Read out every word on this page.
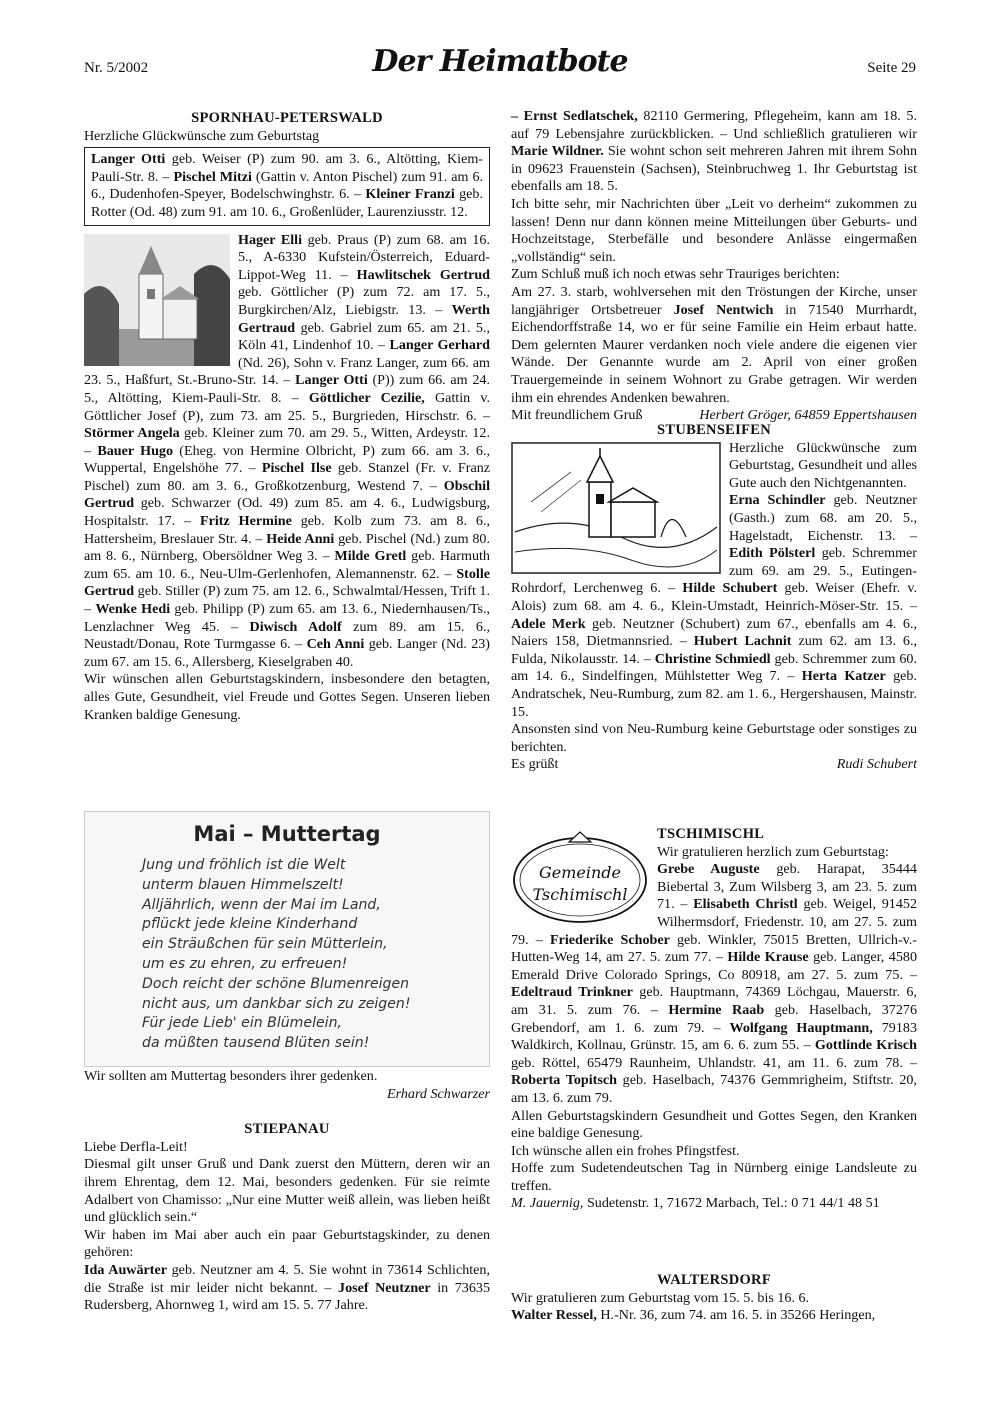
Nr. 5/2002	Der Heimatbote	Seite 29
SPORNHAU-PETERSWALD

Herzliche Glückwünsche zum Geburtstag

Langer Otti geb. Weiser (P) zum 90. am 3. 6., Altötting, Kiem-Pauli-Str. 8. – Pischel Mitzi (Gattin v. Anton Pischel) zum 91. am 6. 6., Dudenhofen-Speyer, Bodelschwinghstr. 6. – Kleiner Franzi geb. Rotter (Od. 48) zum 91. am 10. 6., Großenlüder, Laurenziusstr. 12.
Hager Elli geb. Praus (P) zum 68. am 16. 5., A-6330 Kufstein/Österreich, Eduard-Lippot-Weg 11. – Hawlitschek Gertrud geb. Göttlicher (P) zum 72. am 17. 5., Burgkirchen/Alz, Liebigstr. 13. – Werth Gertraud geb. Gabriel zum 65. am 21. 5., Köln 41, Lindenhof 10. – Langer Gerhard (Nd. 26), Sohn v. Franz Langer, zum 66. am 23. 5., Haßfurt, St.-Bruno-Str. 14. – Langer Otti (P)) zum 66. am 24. 5., Altötting, Kiem-Pauli-Str. 8. – Göttlicher Cezilie, Gattin v. Göttlicher Josef (P), zum 73. am 25. 5., Burgrieden, Hirschstr. 6. – Störmer Angela geb. Kleiner zum 70. am 29. 5., Witten, Ardeystr. 12. – Bauer Hugo (Eheg. von Hermine Olbricht, P) zum 66. am 3. 6., Wuppertal, Engelshöhe 77. – Pischel Ilse geb. Stanzel (Fr. v. Franz Pischel) zum 80. am 3. 6., Großkotzenburg, Westend 7. – Obschil Gertrud geb. Schwarzer (Od. 49) zum 85. am 4. 6., Ludwigsburg, Hospitalstr. 17. – Fritz Hermine geb. Kolb zum 73. am 8. 6., Hattersheim, Breslauer Str. 4. – Heide Anni geb. Pischel (Nd.) zum 80. am 8. 6., Nürnberg, Obersöldner Weg 3. – Milde Gretl geb. Harmuth zum 65. am 10. 6., Neu-Ulm-Gerlenhofen, Alemannenstr. 62. – Stolle Gertrud geb. Stiller (P) zum 75. am 12. 6., Schwalmtal/Hessen, Trift 1. – Wenke Hedi geb. Philipp (P) zum 65. am 13. 6., Niedernhausen/Ts., Lenzlachner Weg 45. – Diwisch Adolf zum 89. am 15. 6., Neustadt/Donau, Rote Turmgasse 6. – Ceh Anni geb. Langer (Nd. 23) zum 67. am 15. 6., Allersberg, Kieselgraben 40.

Wir wünschen allen Geburtstagskindern, insbesondere den betagten, alles Gute, Gesundheit, viel Freude und Gottes Segen. Unseren lieben Kranken baldige Genesung.

Mai – Muttertag

Jung und fröhlich ist die Welt

unterm blauen Himmelszelt!

Alljährlich, wenn der Mai im Land,

pflückt jede kleine Kinderhand

ein Sträußchen für sein Mütterlein,

um es zu ehren, zu erfreuen!

Doch reicht der schöne Blumenreigen

nicht aus, um dankbar sich zu zeigen!

Für jede Lieb' ein Blümelein,

da müßten tausend Blüten sein!

Wir sollten am Muttertag besonders ihrer gedenken.

Erhard Schwarzer

STIEPANAU

Liebe Derfla-Leit!

Diesmal gilt unser Gruß und Dank zuerst den Müttern, deren wir an ihrem Ehrentag, dem 12. Mai, besonders gedenken. Für sie reimte Adalbert von Chamisso: „Nur eine Mutter weiß allein, was lieben heißt und glücklich sein.“

Wir haben im Mai aber auch ein paar Geburtstagskinder, zu denen gehören:

Ida Auwärter geb. Neutzner am 4. 5. Sie wohnt in 73614 Schlichten, die Straße ist mir leider nicht bekannt. – Josef Neutzner in 73635 Rudersberg, Ahornweg 1, wird am 15. 5. 77 Jahre.

– Ernst Sedlatschek, 82110 Germering, Pflegeheim, kann am 18. 5. auf 79 Lebensjahre zurückblicken. – Und schließlich gratulieren wir Marie Wildner. Sie wohnt schon seit mehreren Jahren mit ihrem Sohn in 09623 Frauenstein (Sachsen), Steinbruchweg 1. Ihr Geburtstag ist ebenfalls am 18. 5.

Ich bitte sehr, mir Nachrichten über „Leit vo derheim“ zukommen zu lassen! Denn nur dann können meine Mitteilungen über Geburts- und Hochzeitstage, Sterbefälle und besondere Anlässe eingermaßen „vollständig“ sein.

Zum Schluß muß ich noch etwas sehr Trauriges berichten:

Am 27. 3. starb, wohlversehen mit den Tröstungen der Kirche, unser langjähriger Ortsbetreuer Josef Nentwich in 71540 Murrhardt, Eichendorffstraße 14, wo er für seine Familie ein Heim erbaut hatte. Dem gelernten Maurer verdanken noch viele andere die eigenen vier Wände. Der Genannte wurde am 2. April von einer großen Trauergemeinde in seinem Wohnort zu Grabe getragen. Wir werden ihm ein ehrendes Andenken bewahren.

Mit freundlichem Gruß	Herbert Gröger, 64859 Eppertshausen
STUBENSEIFEN
Herzliche Glückwünsche zum Geburtstag, Gesundheit und alles Gute auch den Nichtgenannten.
Erna Schindler geb. Neutzner (Gasth.) zum 68. am 20. 5., Hagelstadt, Eichenstr. 13. – Edith Pölsterl geb. Schremmer zum 69. am 29. 5., Eutingen-Rohrdorf, Lerchenweg 6. – Hilde Schubert geb. Weiser (Ehefr. v. Alois) zum 68. am 4. 6., Klein-Umstadt, Heinrich-Möser-Str. 15. – Adele Merk geb. Neutzner (Schubert) zum 67., ebenfalls am 4. 6., Naiers 158, Dietmannsried. – Hubert Lachnit zum 62. am 13. 6., Fulda, Nikolausstr. 14. – Christine Schmiedl geb. Schremmer zum 60. am 14. 6., Sindelfingen, Mühlstetter Weg 7. – Herta Katzer geb. Andratschek, Neu-Rumburg, zum 82. am 1. 6., Hergershausen, Mainstr. 15.

Ansonsten sind von Neu-Rumburg keine Geburtstage oder sonstiges zu berichten.

Es grüßt	Rudi Schubert
Gemeinde
Tschimischl
TSCHIMISCHL
Wir gratulieren herzlich zum Geburtstag:
Grebe Auguste geb. Harapat, 35444 Biebertal 3, Zum Wilsberg 3, am 23. 5. zum 71. – Elisabeth Christl geb. Weigel, 91452 Wilhermsdorf, Friedenstr. 10, am 27. 5. zum 79. – Friederike Schober geb. Winkler, 75015 Bretten, Ullrich-v.-Hutten-Weg 14, am 27. 5. zum 77. – Hilde Krause geb. Langer, 4580 Emerald Drive Colorado Springs, Co 80918, am 27. 5. zum 75. – Edeltraud Trinkner geb. Hauptmann, 74369 Löchgau, Mauerstr. 6, am 31. 5. zum 76. – Hermine Raab geb. Haselbach, 37276 Grebendorf, am 1. 6. zum 79. – Wolfgang Hauptmann, 79183 Waldkirch, Kollnau, Grünstr. 15, am 6. 6. zum 55. – Gottlinde Krisch geb. Röttel, 65479 Raunheim, Uhlandstr. 41, am 11. 6. zum 78. – Roberta Topitsch geb. Haselbach, 74376 Gemmrigheim, Stiftstr. 20, am 13. 6. zum 79.

Allen Geburtstagskindern Gesundheit und Gottes Segen, den Kranken eine baldige Genesung.

Ich wünsche allen ein frohes Pfingstfest.

Hoffe zum Sudetendeutschen Tag in Nürnberg einige Landsleute zu treffen.

M. Jauernig, Sudetenstr. 1, 71672 Marbach, Tel.: 0 71 44/1 48 51

WALTERSDORF

Wir gratulieren zum Geburtstag vom 15. 5. bis 16. 6.

Walter Ressel, H.-Nr. 36, zum 74. am 16. 5. in 35266 Heringen,
